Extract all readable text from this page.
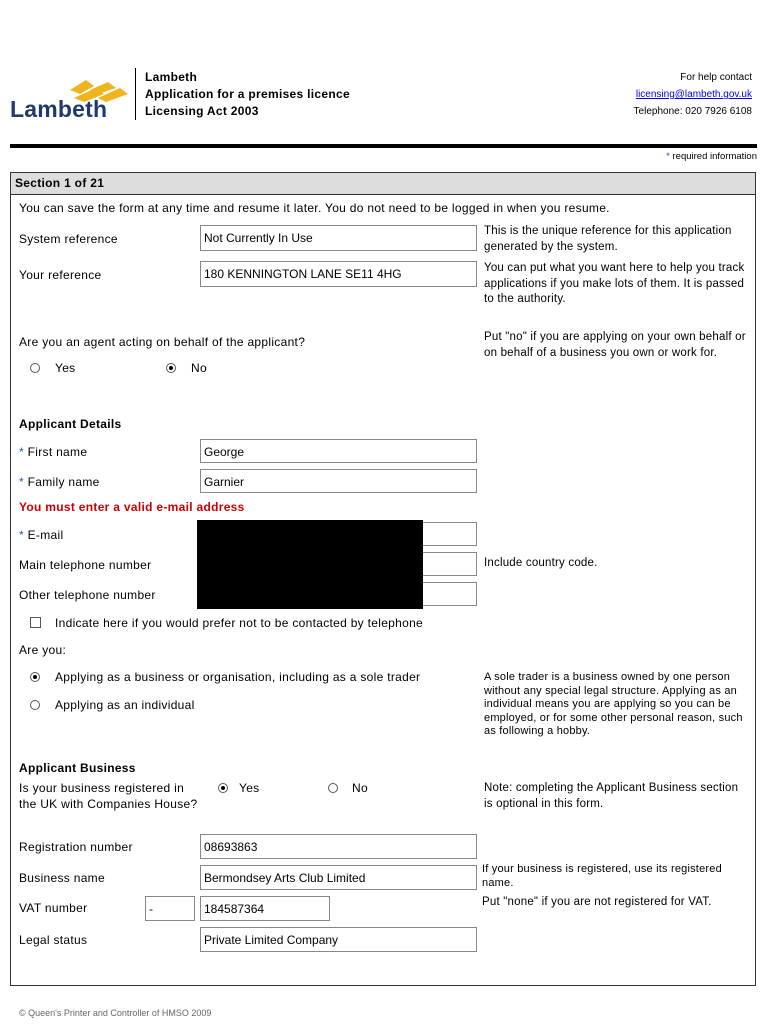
Lambeth
Lambeth
Application for a premises licence
Licensing Act 2003
For help contact
licensing@lambeth.gov.uk
Telephone: 020 7926 6108
* required information
Section 1 of 21
You can save the form at any time and resume it later. You do not need to be logged in when you resume.
System reference	Not Currently In Use	This is the unique reference for this application generated by the system.
Your reference	180 KENNINGTON LANE SE11 4HG	You can put what you want here to help you track applications if you make lots of them. It is passed to the authority.
Are you an agent acting on behalf of the applicant?
Yes	No
Put "no" if you are applying on your own behalf or on behalf of a business you own or work for.
Applicant Details
* First name	George
* Family name	Garnier
You must enter a valid e-mail address
* E-mail
Main telephone number	Include country code.
Other telephone number
Indicate here if you would prefer not to be contacted by telephone
Are you:
Applying as a business or organisation, including as a sole trader
Applying as an individual
A sole trader is a business owned by one person without any special legal structure. Applying as an individual means you are applying so you can be employed, or for some other personal reason, such as following a hobby.
Applicant Business
Is your business registered in the UK with Companies House?
Yes	No	Note: completing the Applicant Business section is optional in this form.
Registration number	08693863
Business name	Bermondsey Arts Club Limited
If your business is registered, use its registered name.
VAT number	-	184587364	Put "none" if you are not registered for VAT.
Legal status	Private Limited Company
© Queen's Printer and Controller of HMSO 2009
